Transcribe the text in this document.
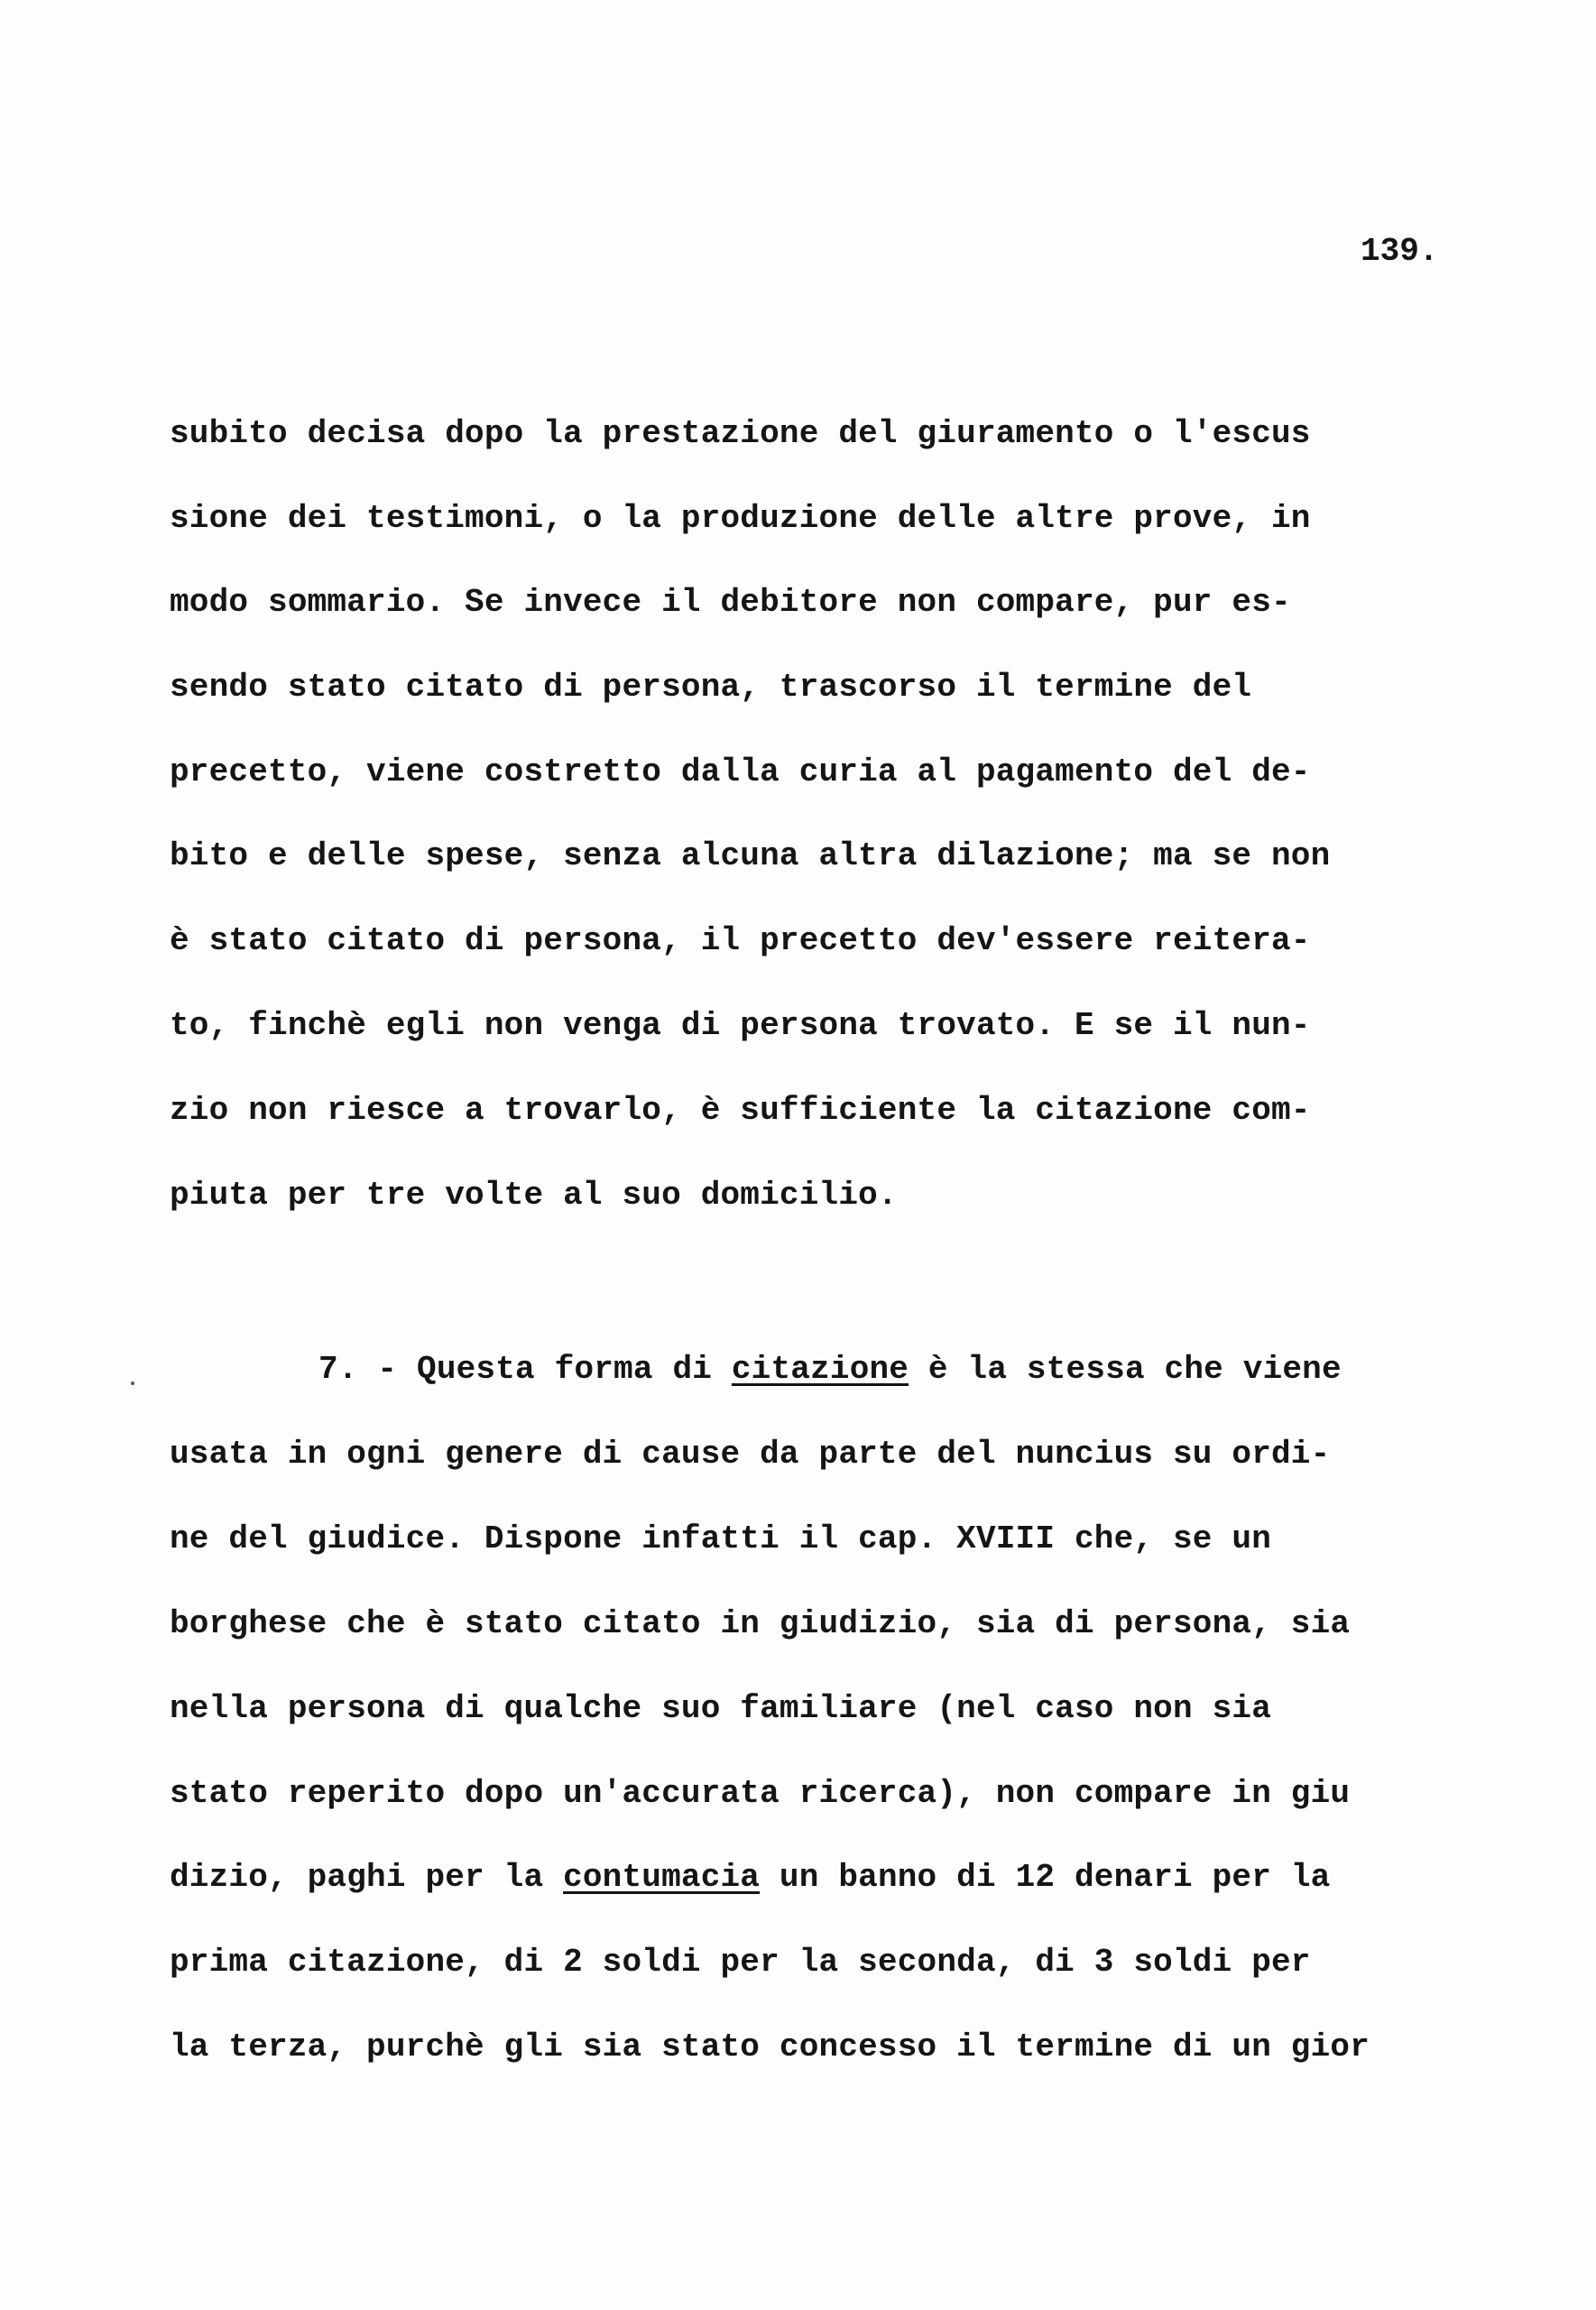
139.
subito decisa dopo la prestazione del giuramento o l'escus
sione dei testimoni, o la produzione delle altre prove, in
modo sommario. Se invece il debitore non compare, pur es-
sendo stato citato di persona, trascorso il termine del
precetto, viene costretto dalla curia al pagamento del de-
bito e delle spese, senza alcuna altra dilazione; ma se non
è stato citato di persona, il precetto dev'essere reitera-
to, finchè egli non venga di persona trovato. E se il nun-
zio non riesce a trovarlo, è sufficiente la citazione com-
piuta per tre volte al suo domicilio.
7. - Questa forma di citazione è la stessa che viene
usata in ogni genere di cause da parte del nuncius su ordi-
ne del giudice. Dispone infatti il cap. XVIII che, se un
borghese che è stato citato in giudizio, sia di persona, sia
nella persona di qualche suo familiare (nel caso non sia
stato reperito dopo un'accurata ricerca), non compare in giu
dizio, paghi per la contumacia un banno di 12 denari per la
prima citazione, di 2 soldi per la seconda, di 3 soldi per
la terza, purchè gli sia stato concesso il termine di un gior
